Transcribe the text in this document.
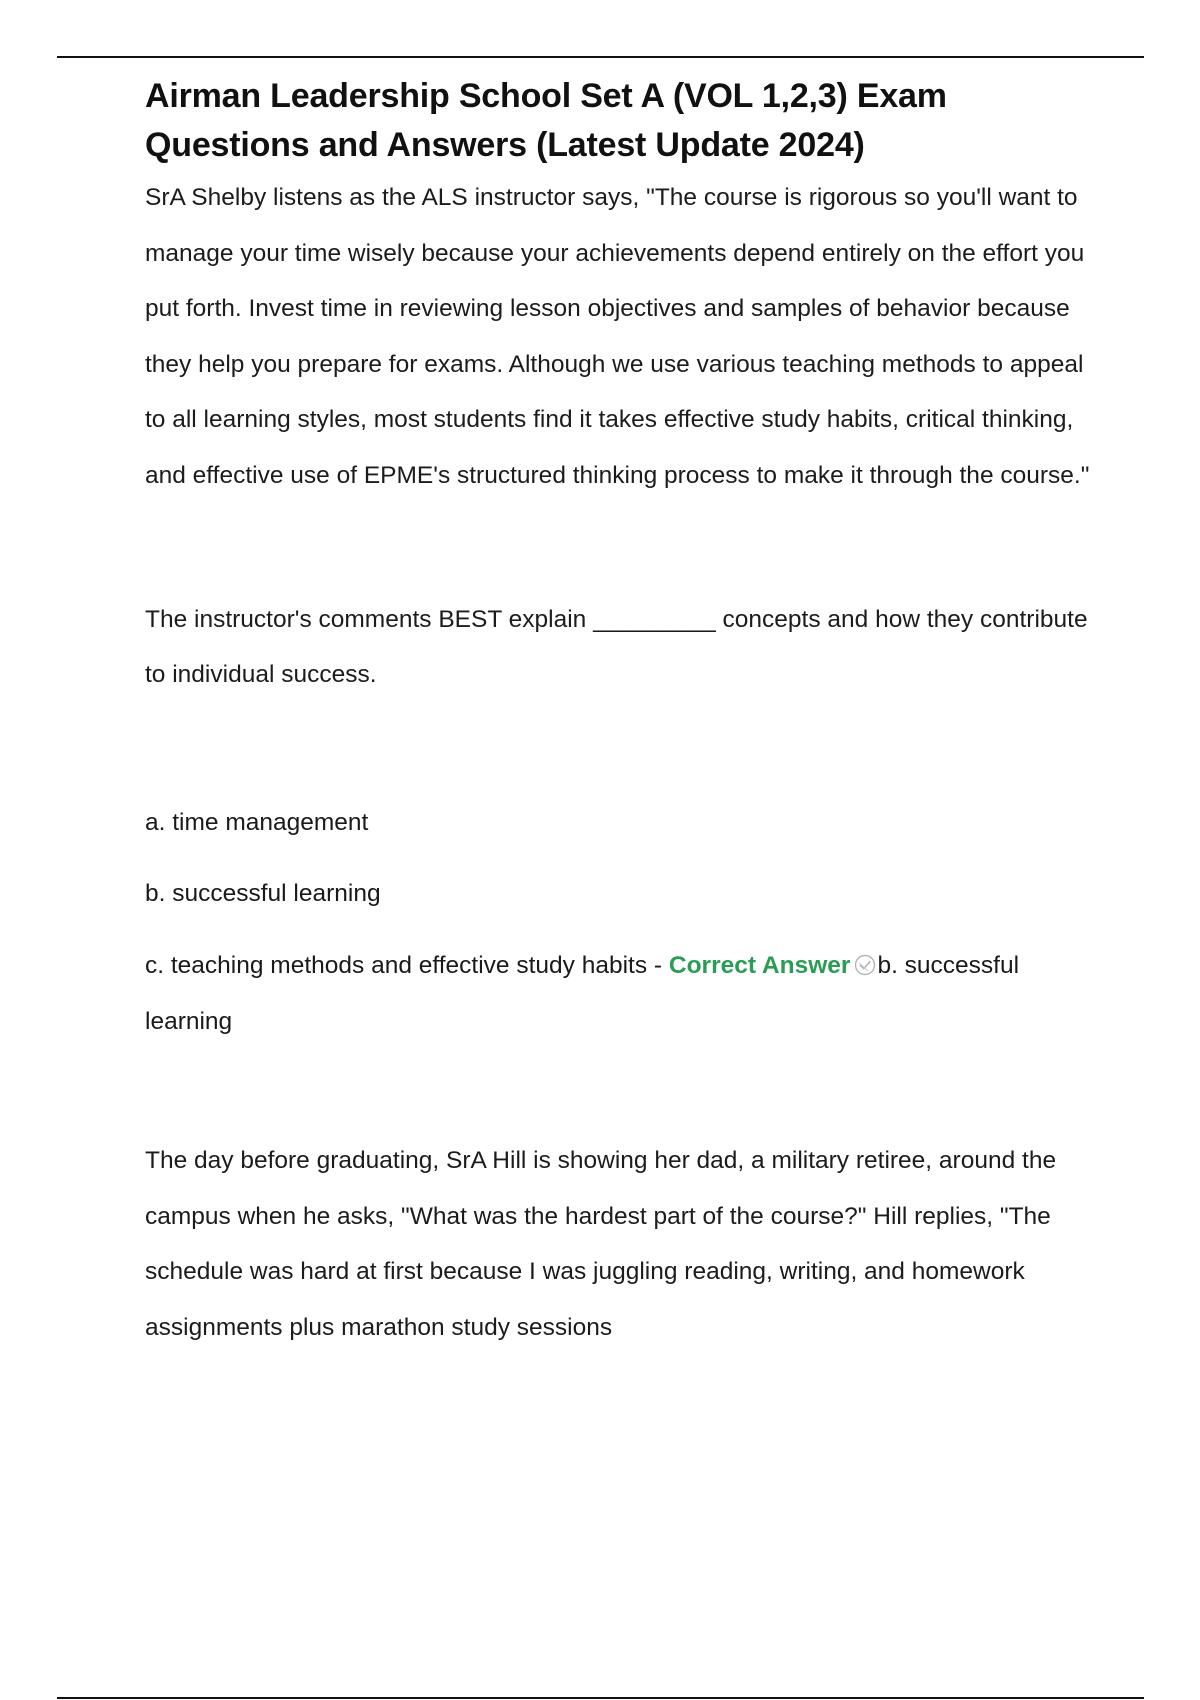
Airman Leadership School Set A (VOL 1,2,3) Exam Questions and Answers (Latest Update 2024)

SrA Shelby listens as the ALS instructor says, "The course is rigorous so you'll want to manage your time wisely because your achievements depend entirely on the effort you put forth. Invest time in reviewing lesson objectives and samples of behavior because they help you prepare for exams. Although we use various teaching methods to appeal to all learning styles, most students find it takes effective study habits, critical thinking, and effective use of EPME's structured thinking process to make it through the course."

The instructor's comments BEST explain _________ concepts and how they contribute to individual success.

a. time management

b. successful learning

c. teaching methods and effective study habits - Correct Answer b. successful learning

The day before graduating, SrA Hill is showing her dad, a military retiree, around the campus when he asks, "What was the hardest part of the course?" Hill replies, "The schedule was hard at first because I was juggling reading, writing, and homework assignments plus marathon study sessions
